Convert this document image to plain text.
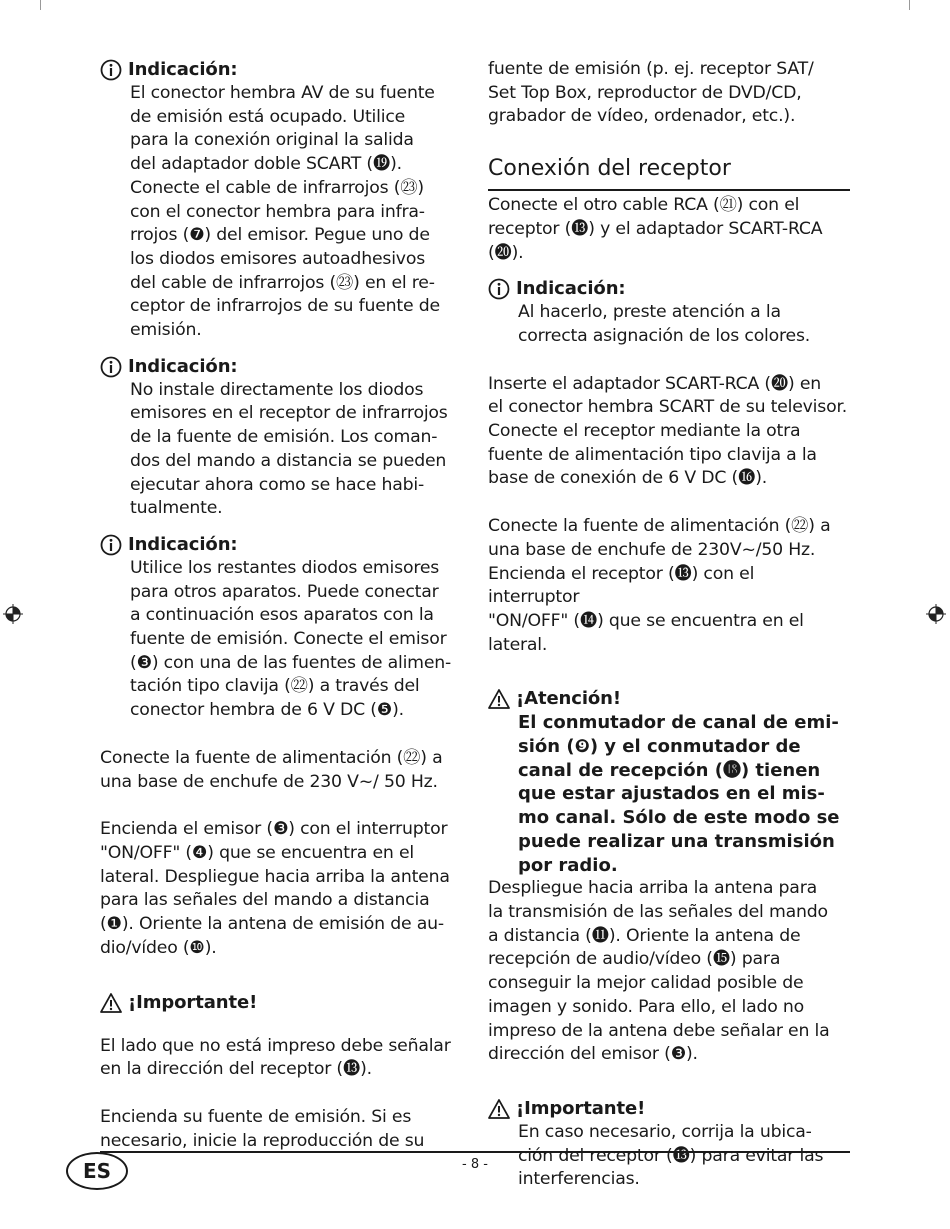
Indicación:
El conector hembra AV de su fuente
de emisión está ocupado. Utilice
para la conexión original la salida
del adaptador doble SCART (⓳).
Conecte el cable de infrarrojos (㉓)
con el conector hembra para infra-
rrojos (❼) del emisor. Pegue uno de
los diodos emisores autoadhesivos
del cable de infrarrojos (㉓) en el re-
ceptor de infrarrojos de su fuente de
emisión.
Indicación:
No instale directamente los diodos
emisores en el receptor de infrarrojos
de la fuente de emisión. Los coman-
dos del mando a distancia se pueden
ejecutar ahora como se hace habi-
tualmente.
Indicación:
Utilice los restantes diodos emisores
para otros aparatos. Puede conectar
a continuación esos aparatos con la
fuente de emisión. Conecte el emisor
(❸) con una de las fuentes de alimen-
tación tipo clavija (㉒) a través del
conector hembra de 6 V DC (❺).
Conecte la fuente de alimentación (㉒) a
una base de enchufe de 230 V~/ 50 Hz.
Encienda el emisor (❸) con el interruptor
"ON/OFF" (❹) que se encuentra en el
lateral. Despliegue hacia arriba la antena
para las señales del mando a distancia
(❶). Oriente la antena de emisión de au-
dio/vídeo (❿).
¡Importante!
El lado que no está impreso debe señalar
en la dirección del receptor (⓭).
Encienda su fuente de emisión. Si es
necesario, inicie la reproducción de su
fuente de emisión (p. ej. receptor SAT/
Set Top Box, reproductor de DVD/CD,
grabador de vídeo, ordenador, etc.).
Conexión del receptor
Conecte el otro cable RCA (㉑) con el
receptor (⓭) y el adaptador SCART-RCA
(⓴).
Indicación:
Al hacerlo, preste atención a la
correcta asignación de los colores.
Inserte el adaptador SCART-RCA (⓴) en
el conector hembra SCART de su televisor.
Conecte el receptor mediante la otra
fuente de alimentación tipo clavija a la
base de conexión de 6 V DC (⓰).
Conecte la fuente de alimentación (㉒) a
una base de enchufe de 230V~/50 Hz.
Encienda el receptor (⓭) con el interruptor
"ON/OFF" (⓮) que se encuentra en el
lateral.
¡Atención!
El conmutador de canal de emi-
sión (❾) y el conmutador de
canal de recepción (⓲) tienen
que estar ajustados en el mis-
mo canal. Sólo de este modo se
puede realizar una transmisión
por radio.
Despliegue hacia arriba la antena para
la transmisión de las señales del mando
a distancia (⓫). Oriente la antena de
recepción de audio/vídeo (⓯) para
conseguir la mejor calidad posible de
imagen y sonido. Para ello, el lado no
impreso de la antena debe señalar en la
dirección del emisor (❸).
¡Importante!
En caso necesario, corrija la ubica-
ción del receptor (⓭) para evitar las
interferencias.
ES	- 8 -
